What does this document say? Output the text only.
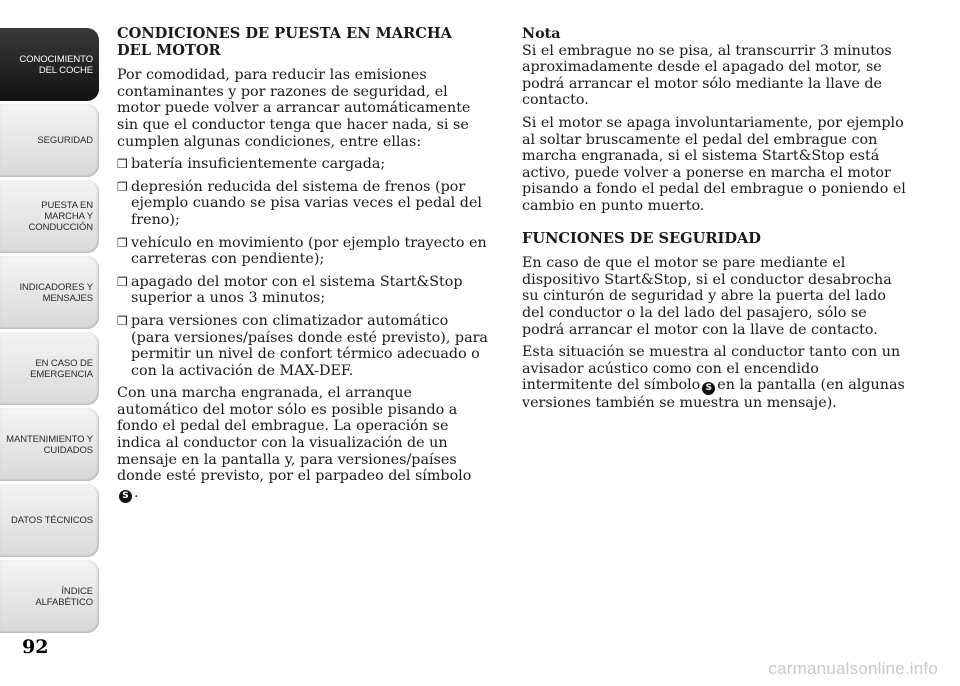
CONOCIMIENTO
DEL COCHE
SEGURIDAD
PUESTA EN
MARCHA Y
CONDUCCIÓN
INDICADORES Y
MENSAJES
EN CASO DE
EMERGENCIA
MANTENIMIENTO Y
CUIDADOS
DATOS TÉCNICOS
ÍNDICE
ALFABÉTICO
92
CONDICIONES DE PUESTA EN MARCHA DEL MOTOR

Por comodidad, para reducir las emisiones contaminantes y por razones de seguridad, el motor puede volver a arrancar automáticamente sin que el conductor tenga que hacer nada, si se cumplen algunas condiciones, entre ellas:

❒ batería insuficientemente cargada;
❒ depresión reducida del sistema de frenos (por ejemplo cuando se pisa varias veces el pedal del freno);
❒ vehículo en movimiento (por ejemplo trayecto en carreteras con pendiente);
❒ apagado del motor con el sistema Start&Stop superior a unos 3 minutos;
❒ para versiones con climatizador automático (para versiones/países donde esté previsto), para permitir un nivel de confort térmico adecuado o con la activación de MAX-DEF.

Con una marcha engranada, el arranque automático del motor sólo es posible pisando a fondo el pedal del embrague. La operación se indica al conductor con la visualización de un mensaje en la pantalla y, para versiones/países donde esté previsto, por el parpadeo del símbolo S .

Nota

Si el embrague no se pisa, al transcurrir 3 minutos aproximadamente desde el apagado del motor, se podrá arrancar el motor sólo mediante la llave de contacto.

Si el motor se apaga involuntariamente, por ejemplo al soltar bruscamente el pedal del embrague con marcha engranada, si el sistema Start&Stop está activo, puede volver a ponerse en marcha el motor pisando a fondo el pedal del embrague o poniendo el cambio en punto muerto.

FUNCIONES DE SEGURIDAD

En caso de que el motor se pare mediante el dispositivo Start&Stop, si el conductor desabrocha su cinturón de seguridad y abre la puerta del lado del conductor o la del lado del pasajero, sólo se podrá arrancar el motor con la llave de contacto.

Esta situación se muestra al conductor tanto con un avisador acústico como con el encendido intermitente del símbolo S en la pantalla (en algunas versiones también se muestra un mensaje).

carmanualsonline.info
